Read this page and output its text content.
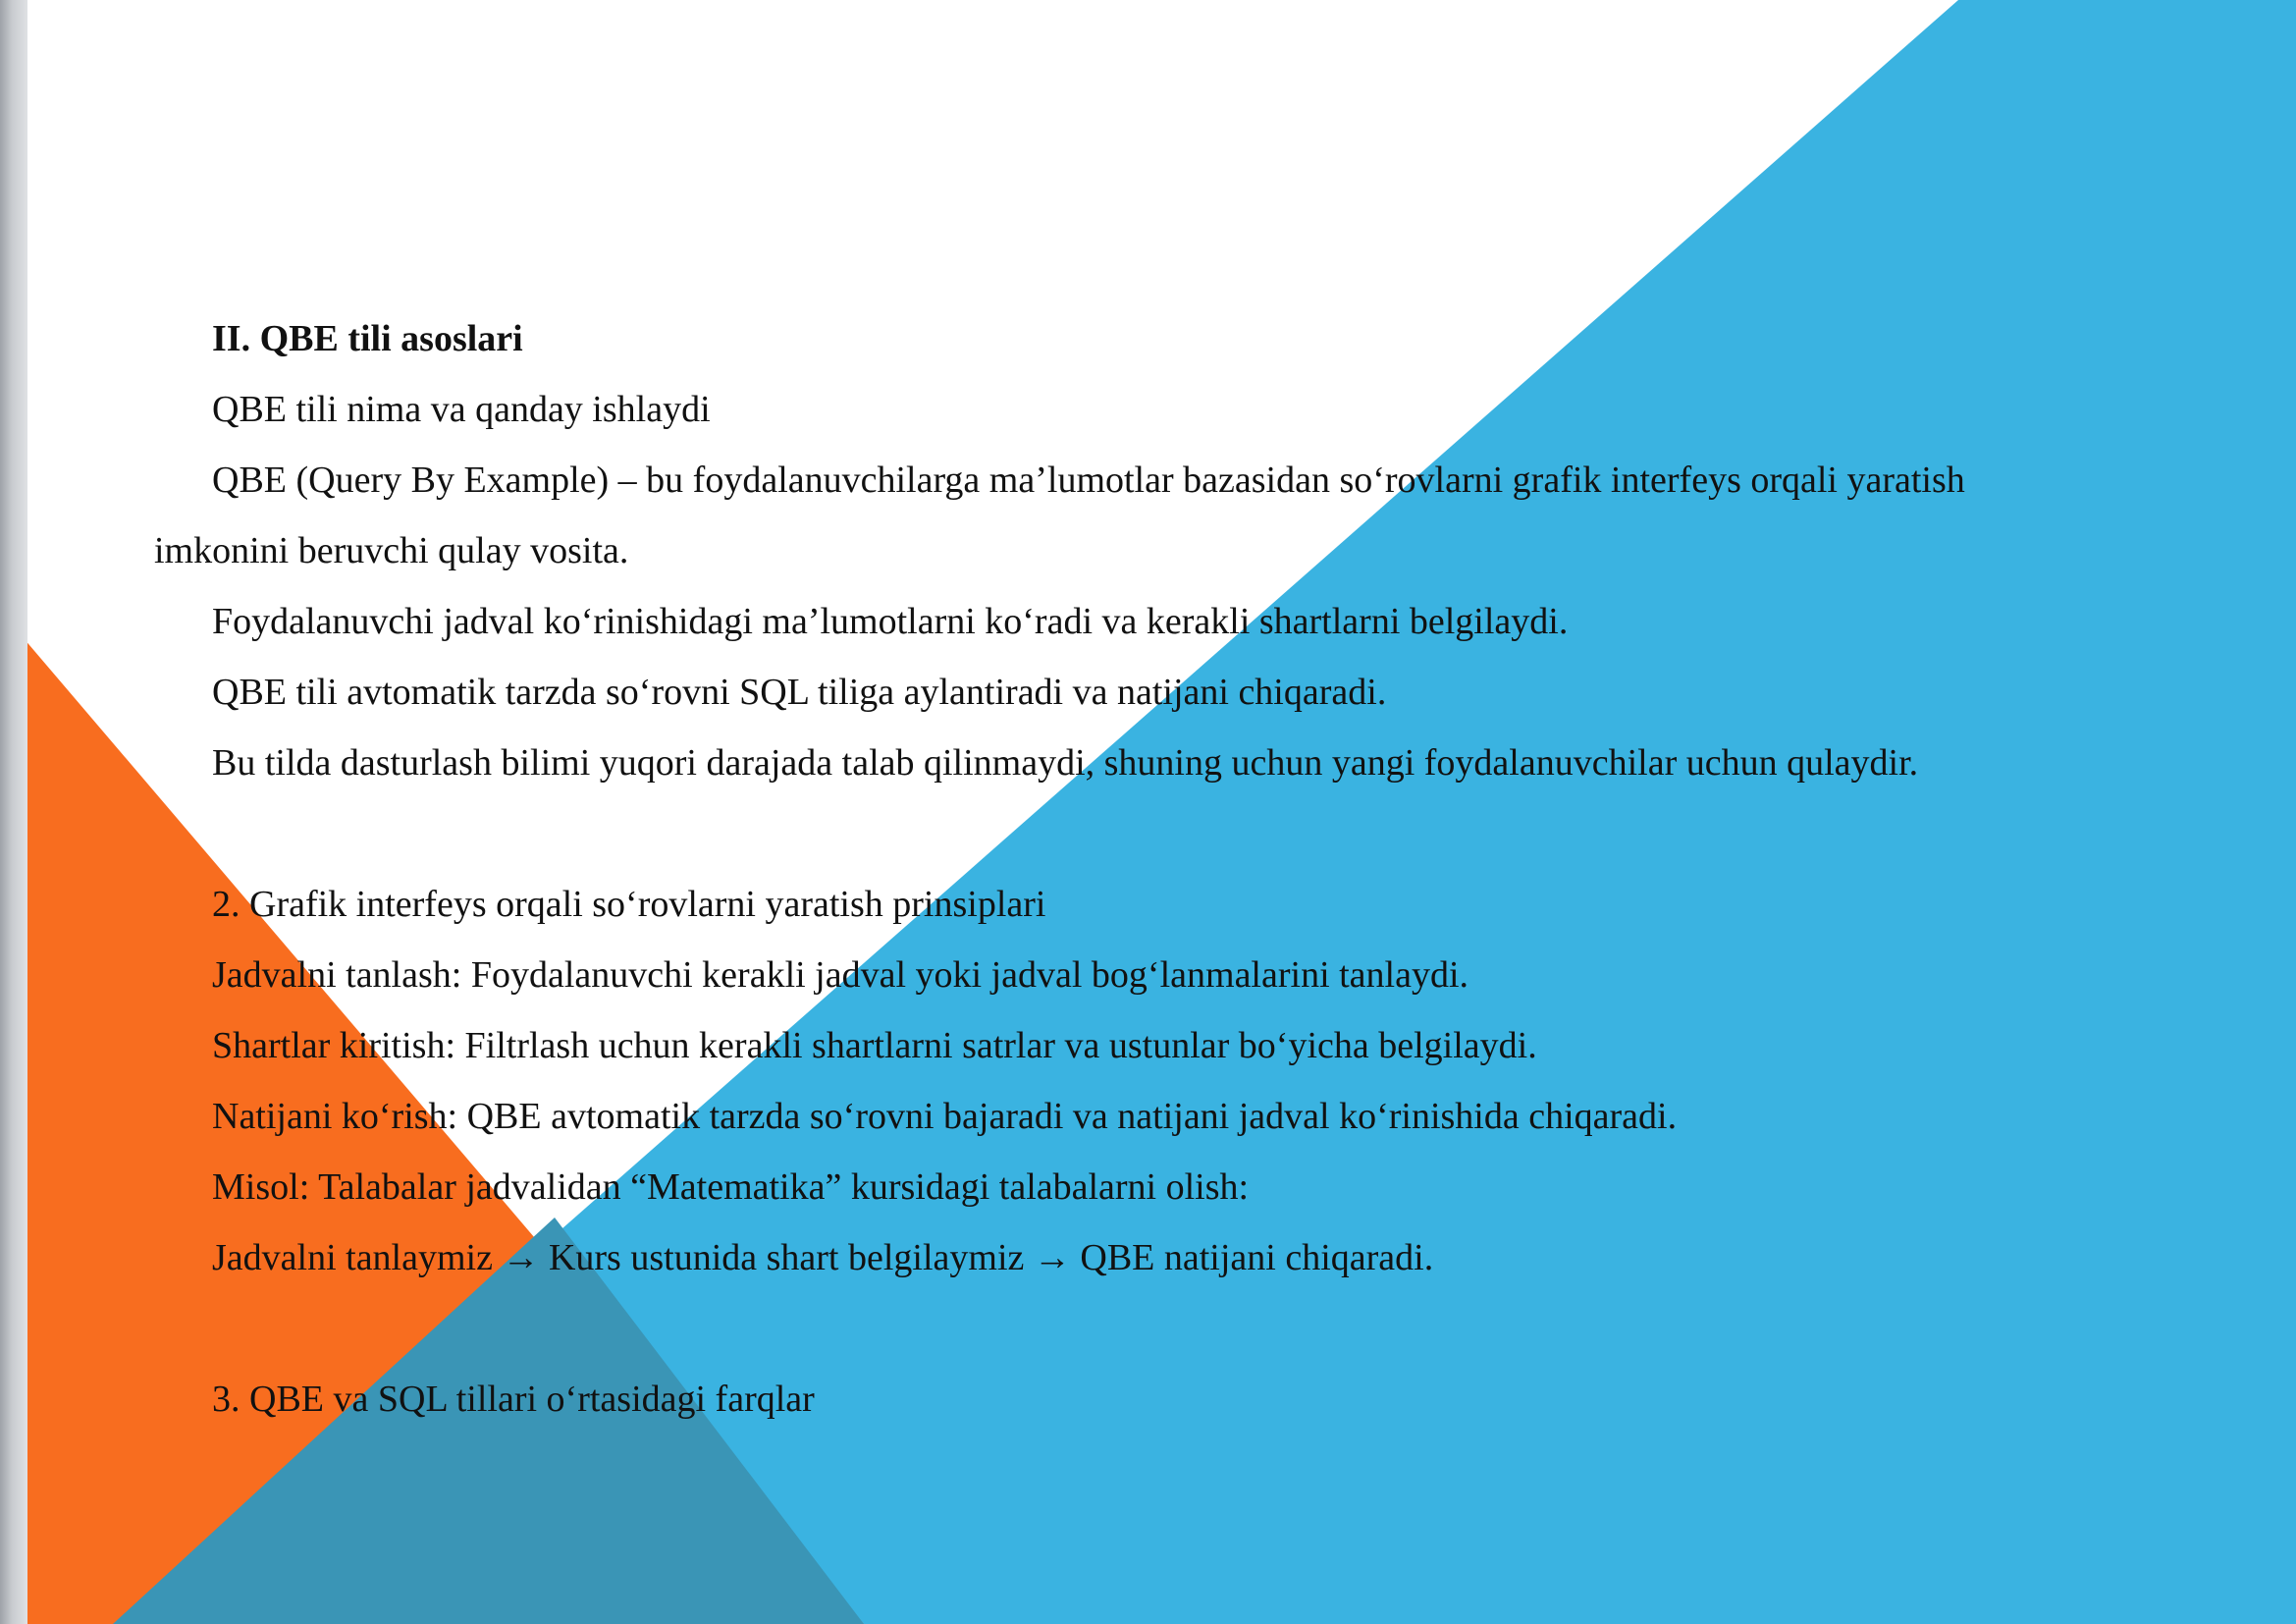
II. QBE tili asoslari
QBE tili nima va qanday ishlaydi
QBE (Query By Example) – bu foydalanuvchilarga ma’lumotlar bazasidan so‘rovlarni grafik interfeys orqali yaratish
imkonini beruvchi qulay vosita.
Foydalanuvchi jadval ko‘rinishidagi ma’lumotlarni ko‘radi va kerakli shartlarni belgilaydi.
QBE tili avtomatik tarzda so‘rovni SQL tiliga aylantiradi va natijani chiqaradi.
Bu tilda dasturlash bilimi yuqori darajada talab qilinmaydi, shuning uchun yangi foydalanuvchilar uchun qulaydir.
2. Grafik interfeys orqali so‘rovlarni yaratish prinsiplari
Jadvalni tanlash: Foydalanuvchi kerakli jadval yoki jadval bog‘lanmalarini tanlaydi.
Shartlar kiritish: Filtrlash uchun kerakli shartlarni satrlar va ustunlar bo‘yicha belgilaydi.
Natijani ko‘rish: QBE avtomatik tarzda so‘rovni bajaradi va natijani jadval ko‘rinishida chiqaradi.
Misol: Talabalar jadvalidan “Matematika” kursidagi talabalarni olish:
Jadvalni tanlaymiz → Kurs ustunida shart belgilaymiz → QBE natijani chiqaradi.
3. QBE va SQL tillari o‘rtasidagi farqlar
